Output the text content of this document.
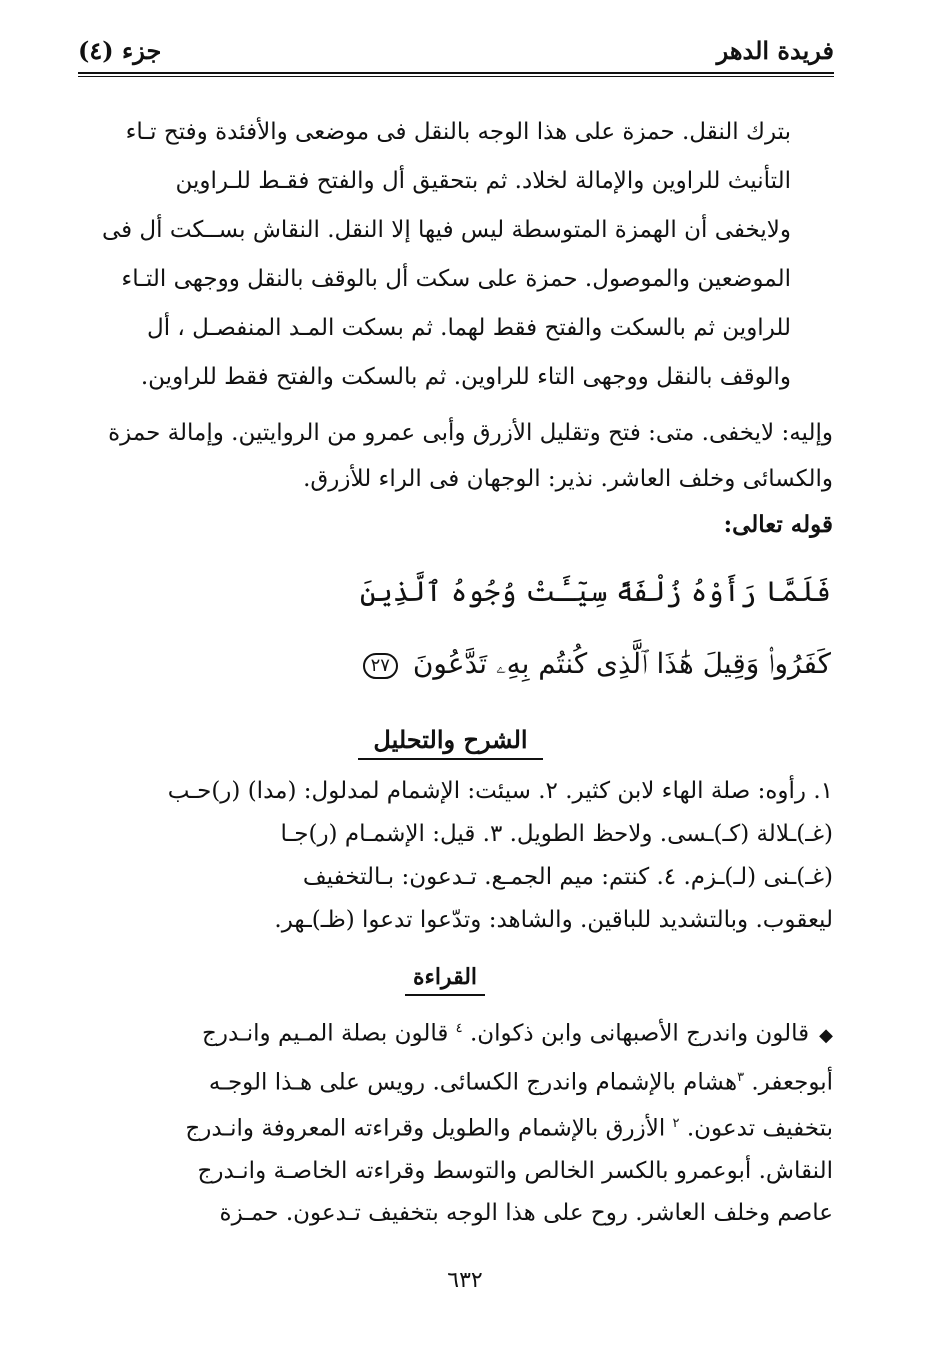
فريدة الدهر
جزء (٤)
بترك النقل. حمزة على هذا الوجه بالنقل فى موضعى والأفئدة وفتح تـاء
التأنيث للراوين والإمالة لخلاد. ثم بتحقيق أل والفتح فقـط للـراوين
ولايخفى أن الهمزة المتوسطة ليس فيها إلا النقل. النقاش بســكت أل فى
الموضعين والموصول. حمزة على سكت أل بالوقف بالنقل ووجهى التـاء
للراوين ثم بالسكت والفتح فقط لهما. ثم بسكت المـد المنفصـل ، أل
والوقف بالنقل ووجهى التاء للراوين. ثم بالسكت والفتح فقط للراوين.
وإليه: لايخفى. متى: فتح وتقليل الأزرق وأبى عمرو من الروايتين. وإمالة حمزة
والكسائى وخلف العاشر. نذير: الوجهان فى الراء للأزرق.
قوله تعالى:
فَلَمَّا رَأَوْهُ زُلْفَةً سِيٓـَٔتْ وُجُوهُ ٱلَّذِينَ
كَفَرُوا۟ وَقِيلَ هَٰذَا ٱلَّذِى كُنتُم بِهِۦ تَدَّعُونَ ٢٧
الشرح والتحليل
١. رأوه: صلة الهاء لابن كثير. ٢. سيئت: الإشمام لمدلول: (مدا) (ر)حـب
(غـ)ـلالة (كـ)ـسى. ولاحظ الطويل. ٣. قيل: الإشمـام (ر)جـا
(غـ)ـنى (لـ)ـزم. ٤. كنتم: ميم الجمـع. تـدعون: بـالتخفيف
ليعقوب. وبالتشديد للباقين. والشاهد: وتدّعوا تدعوا (ظـ)ـهر.
القراءة
◆قالون واندرج الأصبهانى وابن ذكوان. $^٤$ قالون بصلة المـيم وانـدرج
أبوجعفر. $^٣$هشام بالإشمام واندرج الكسائى. رويس على هـذا الوجـه
بتخفيف تدعون. $^٢$ الأزرق بالإشمام والطويل وقراءته المعروفة وانـدرج
النقاش. أبوعمرو بالكسر الخالص والتوسط وقراءته الخاصـة وانـدرج
عاصم وخلف العاشر. روح على هذا الوجه بتخفيف تـدعون. حمـزة
٦٣٢
